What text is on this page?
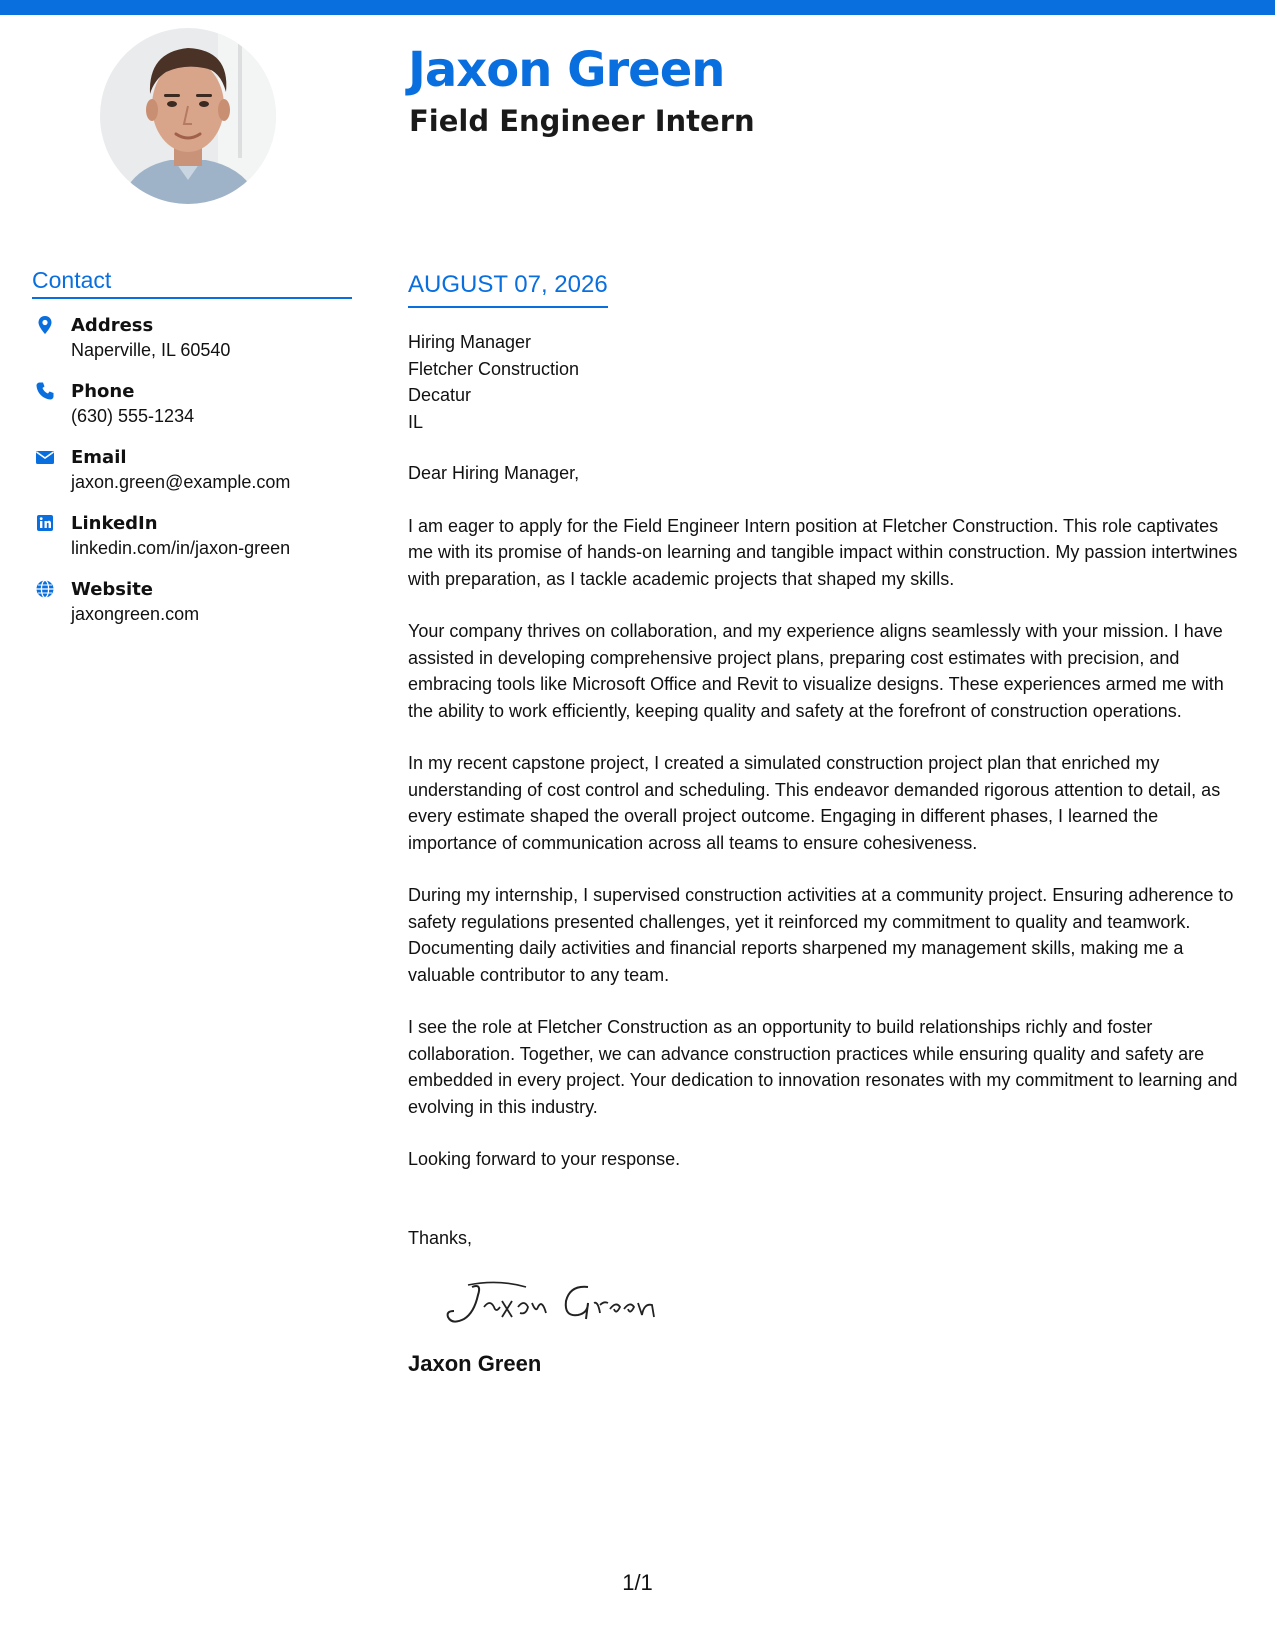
Jaxon Green
Field Engineer Intern
Contact
Address
Naperville, IL 60540
Phone
(630) 555-1234
Email
jaxon.green@example.com
LinkedIn
linkedin.com/in/jaxon-green
Website
jaxongreen.com
AUGUST 07, 2026
Hiring Manager
Fletcher Construction
Decatur
IL
Dear Hiring Manager,
I am eager to apply for the Field Engineer Intern position at Fletcher Construction. This role captivates me with its promise of hands-on learning and tangible impact within construction. My passion intertwines with preparation, as I tackle academic projects that shaped my skills.
Your company thrives on collaboration, and my experience aligns seamlessly with your mission. I have assisted in developing comprehensive project plans, preparing cost estimates with precision, and embracing tools like Microsoft Office and Revit to visualize designs. These experiences armed me with the ability to work efficiently, keeping quality and safety at the forefront of construction operations.
In my recent capstone project, I created a simulated construction project plan that enriched my understanding of cost control and scheduling. This endeavor demanded rigorous attention to detail, as every estimate shaped the overall project outcome. Engaging in different phases, I learned the importance of communication across all teams to ensure cohesiveness.
During my internship, I supervised construction activities at a community project. Ensuring adherence to safety regulations presented challenges, yet it reinforced my commitment to quality and teamwork. Documenting daily activities and financial reports sharpened my management skills, making me a valuable contributor to any team.
I see the role at Fletcher Construction as an opportunity to build relationships richly and foster collaboration. Together, we can advance construction practices while ensuring quality and safety are embedded in every project. Your dedication to innovation resonates with my commitment to learning and evolving in this industry.
Looking forward to your response.
Thanks,
Jaxon Green
1/1
